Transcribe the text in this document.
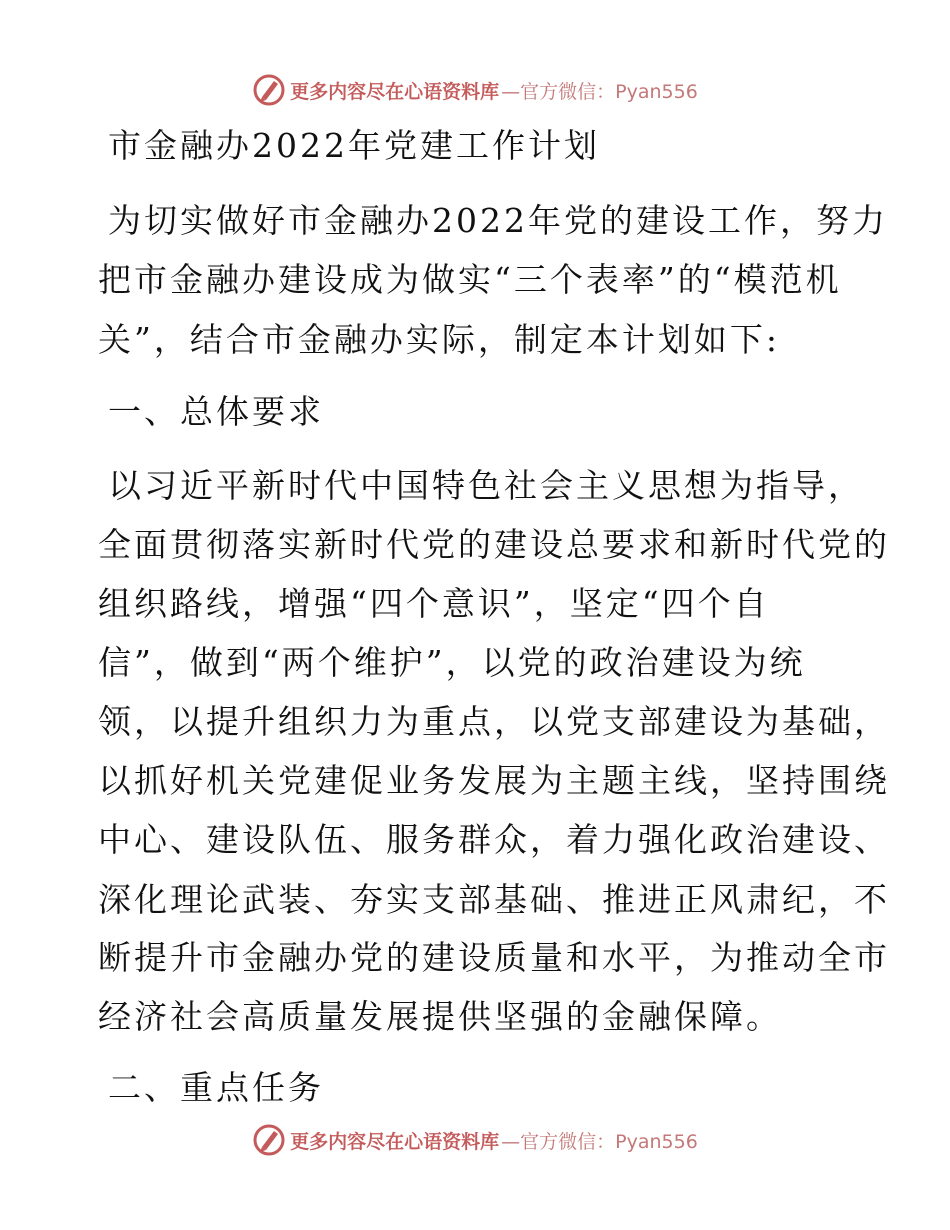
更多内容尽在心语资料库 —官方微信：Pyan556
市金融办2022年党建工作计划
为切实做好市金融办2022年党的建设工作，努力
把市金融办建设成为做实“三个表率”的“模范机
关”，结合市金融办实际，制定本计划如下:
一、总体要求
以习近平新时代中国特色社会主义思想为指导，
全面贯彻落实新时代党的建设总要求和新时代党的
组织路线，增强“四个意识”，坚定“四个自
信”，做到“两个维护”，以党的政治建设为统
领，以提升组织力为重点，以党支部建设为基础，
以抓好机关党建促业务发展为主题主线，坚持围绕
中心、建设队伍、服务群众，着力强化政治建设、
深化理论武装、夯实支部基础、推进正风肃纪，不
断提升市金融办党的建设质量和水平，为推动全市
经济社会高质量发展提供坚强的金融保障。
二、重点任务
更多内容尽在心语资料库 —官方微信：Pyan556
